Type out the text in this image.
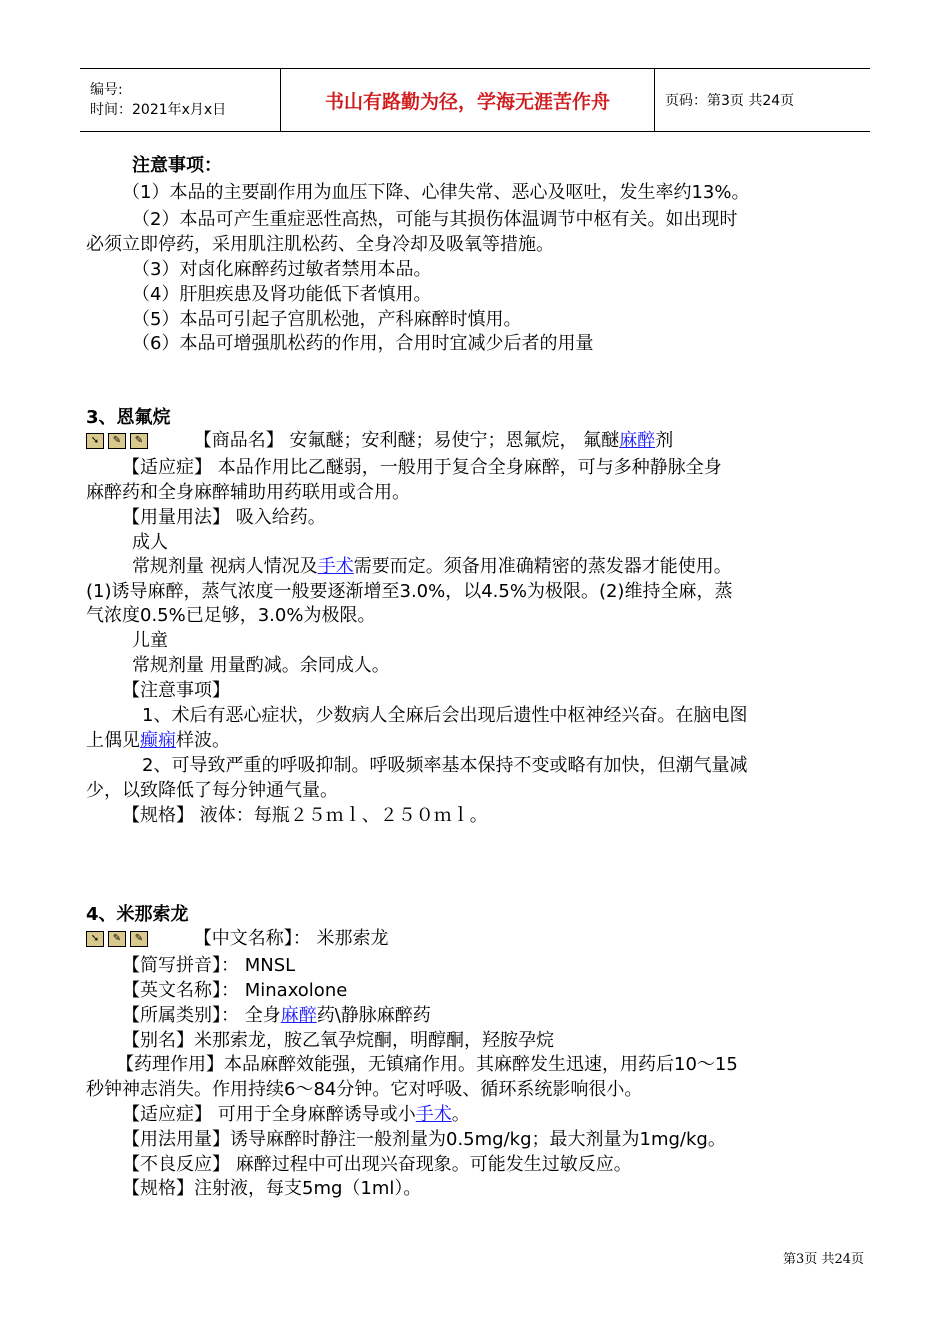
编号:
时间：2021年x月x日	书山有路勤为径，学海无涯苦作舟	页码：第3页 共24页
注意事项：
（1）本品的主要副作用为血压下降、心律失常、恶心及呕吐，发生率约13%。
（2）本品可产生重症恶性高热，可能与其损伤体温调节中枢有关。如出现时
必须立即停药，采用肌注肌松药、全身冷却及吸氧等措施。
（3）对卤化麻醉药过敏者禁用本品。
（4）肝胆疾患及肾功能低下者慎用。
（5）本品可引起子宫肌松弛，产科麻醉时慎用。
（6）本品可增强肌松药的作用，合用时宜减少后者的用量
3、恩氟烷
➘	✎	✎	【商品名】 安氟醚；安利醚；易使宁；恩氟烷， 氟醚麻醉剂
【适应症】 本品作用比乙醚弱，一般用于复合全身麻醉，可与多种静脉全身
麻醉药和全身麻醉辅助用药联用或合用。
【用量用法】 吸入给药。
成人
常规剂量 视病人情况及手术需要而定。须备用准确精密的蒸发器才能使用。
(1)诱导麻醉，蒸气浓度一般要逐渐增至3.0%，以4.5%为极限。(2)维持全麻，蒸
气浓度0.5%已足够，3.0%为极限。
儿童
常规剂量 用量酌减。余同成人。
【注意事项】
1、术后有恶心症状，少数病人全麻后会出现后遗性中枢神经兴奋。在脑电图
上偶见癫痫样波。
2、可导致严重的呼吸抑制。呼吸频率基本保持不变或略有加快，但潮气量减
少，以致降低了每分钟通气量。
【规格】 液体：每瓶２５ｍｌ、２５０ｍｌ。
4、米那索龙
➘	✎	✎	【中文名称】： 米那索龙
【简写拼音】： MNSL
【英文名称】： Minaxolone
【所属类别】： 全身麻醉药\静脉麻醉药
【别名】米那索龙，胺乙氧孕烷酮，明醇酮，羟胺孕烷
【药理作用】本品麻醉效能强，无镇痛作用。其麻醉发生迅速，用药后10～15
秒钟神志消失。作用持续6～84分钟。它对呼吸、循环系统影响很小。
【适应症】 可用于全身麻醉诱导或小手术。
【用法用量】诱导麻醉时静注一般剂量为0.5mg/kg；最大剂量为1mg/kg。
【不良反应】 麻醉过程中可出现兴奋现象。可能发生过敏反应。
【规格】注射液，每支5mg（1ml）。
第3页 共24页
